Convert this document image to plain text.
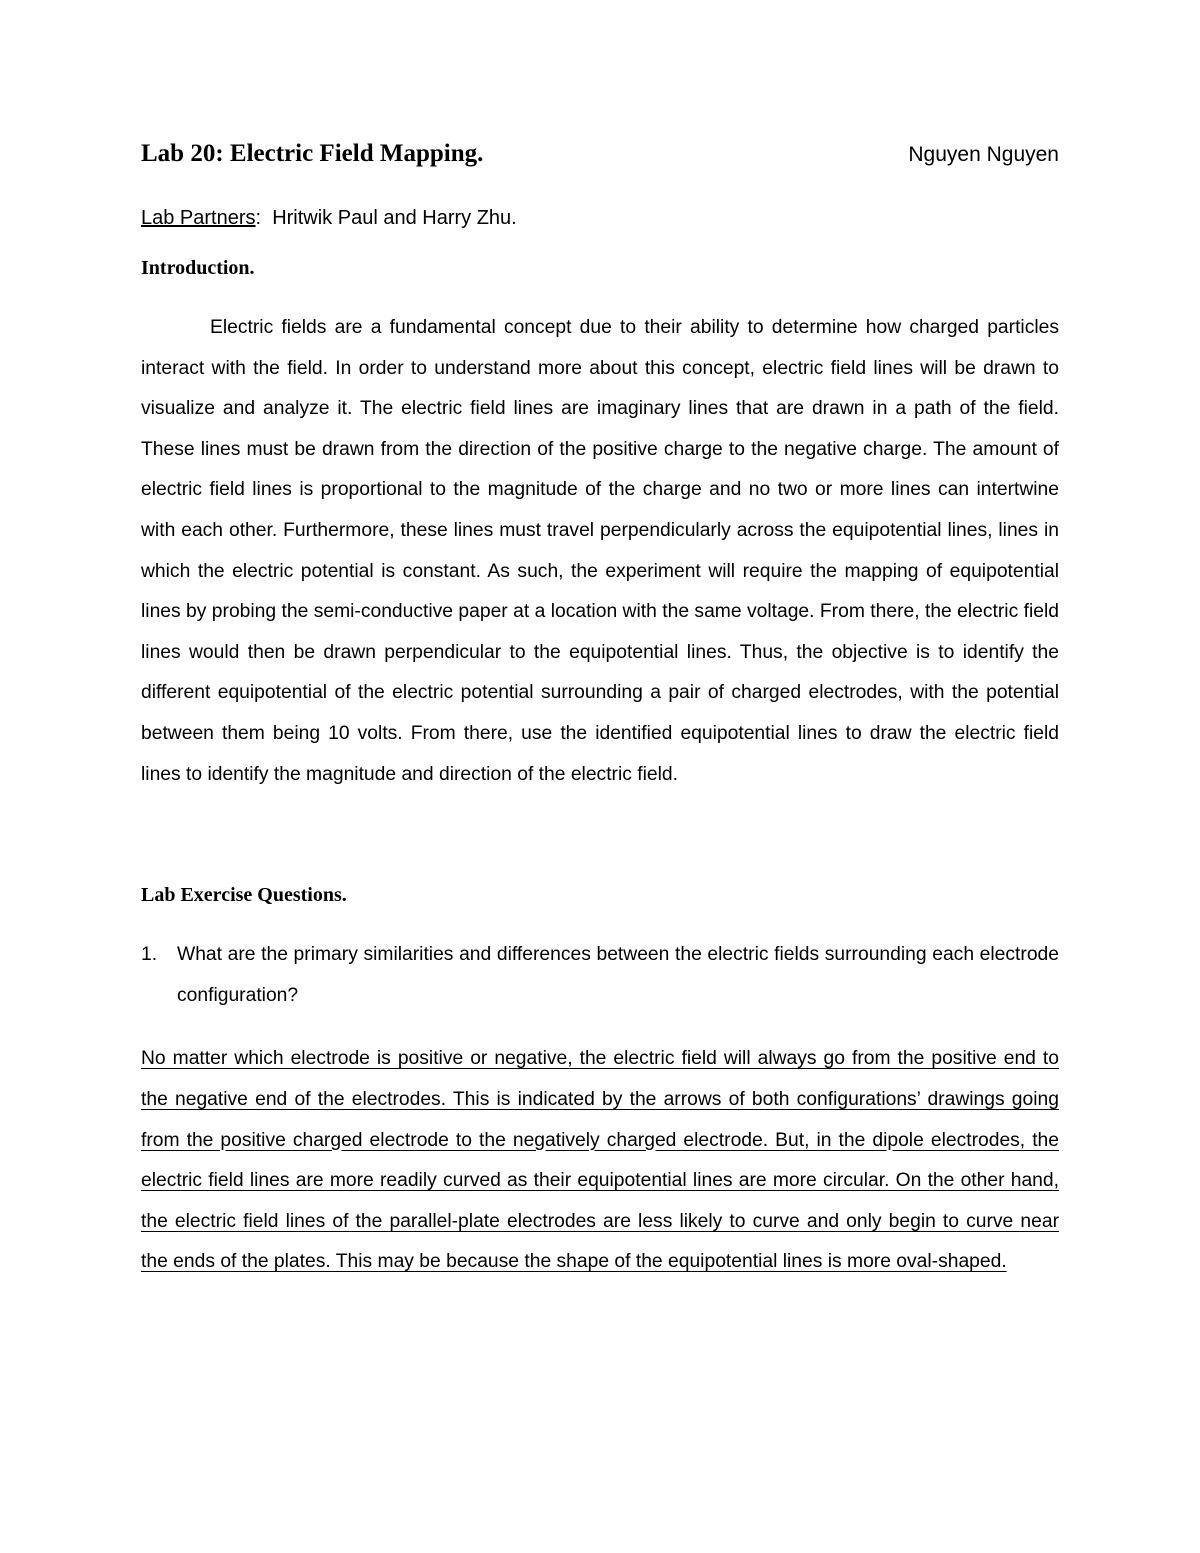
Lab 20: Electric Field Mapping.	Nguyen Nguyen
Lab Partners:  Hritwik Paul and Harry Zhu.
Introduction.

Electric fields are a fundamental concept due to their ability to determine how charged particles interact with the field. In order to understand more about this concept, electric field lines will be drawn to visualize and analyze it. The electric field lines are imaginary lines that are drawn in a path of the field. These lines must be drawn from the direction of the positive charge to the negative charge. The amount of electric field lines is proportional to the magnitude of the charge and no two or more lines can intertwine with each other. Furthermore, these lines must travel perpendicularly across the equipotential lines, lines in which the electric potential is constant. As such, the experiment will require the mapping of equipotential lines by probing the semi-conductive paper at a location with the same voltage. From there, the electric field lines would then be drawn perpendicular to the equipotential lines. Thus, the objective is to identify the different equipotential of the electric potential surrounding a pair of charged electrodes, with the potential between them being 10 volts. From there, use the identified equipotential lines to draw the electric field lines to identify the magnitude and direction of the electric field.

Lab Exercise Questions.
1.	What are the primary similarities and differences between the electric fields surrounding each electrode configuration?

No matter which electrode is positive or negative, the electric field will always go from the positive end to the negative end of the electrodes. This is indicated by the arrows of both configurations’ drawings going from the positive charged electrode to the negatively charged electrode. But, in the dipole electrodes, the electric field lines are more readily curved as their equipotential lines are more circular. On the other hand, the electric field lines of the parallel-plate electrodes are less likely to curve and only begin to curve near the ends of the plates. This may be because the shape of the equipotential lines is more oval-shaped.
